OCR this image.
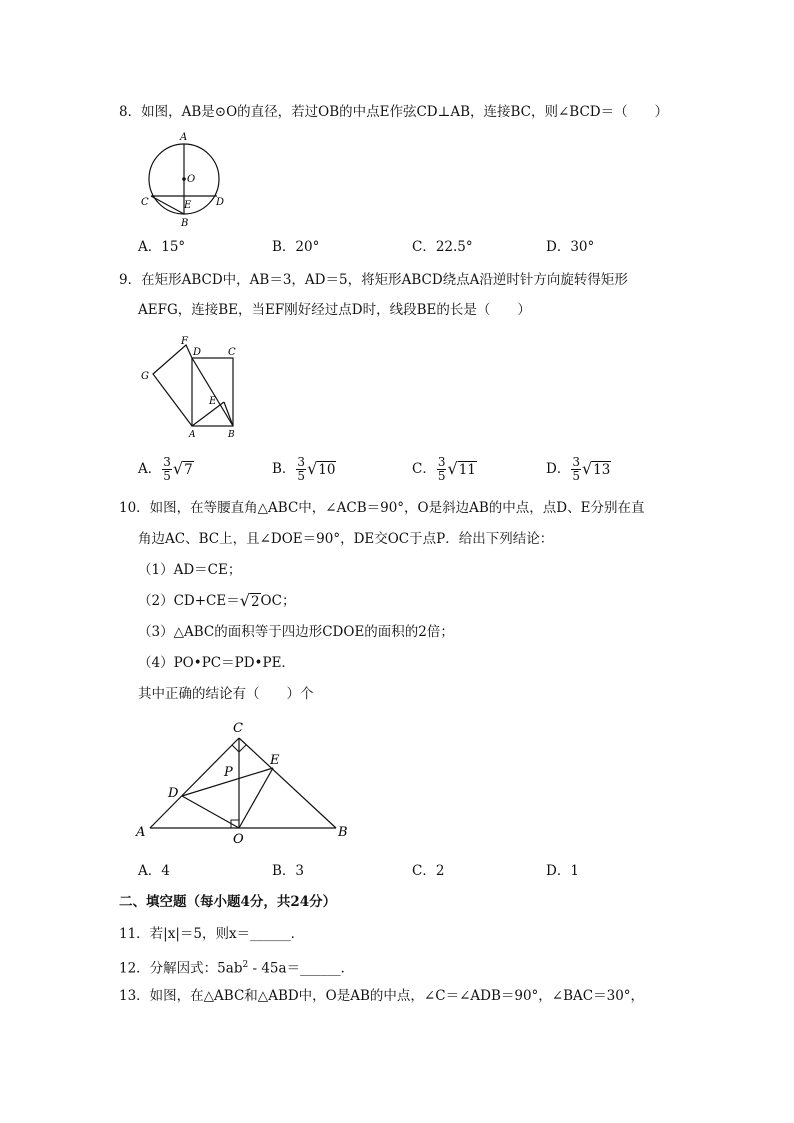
8．如图，AB是⊙O的直径，若过OB的中点E作弦CD⊥AB，连接BC，则∠BCD＝（　　）
A
O
C	E D
B
A．15°	B．20°	C．22.5°	D．30°
9．在矩形ABCD中，AB＝3，AD＝5，将矩形ABCD绕点A沿逆时针方向旋转得矩形
AEFG，连接BE，当EF刚好经过点D时，线段BE的长是（　　）
F
D	C
G
E
A	B
A． $\frac{3}{5} √7$	B． $\frac{3}{5} √10$	C． $\frac{3}{5} √11$	D． $\frac{3}{5} √13$
10．如图，在等腰直角△ABC中，∠ACB＝90°，O是斜边AB的中点，点D、E分别在直
角边AC、BC上，且∠DOE＝90°，DE交OC于点P．给出下列结论：
（1）AD＝CE；
（2）CD+CE＝√2OC；
（3）△ABC的面积等于四边形CDOE的面积的2倍；
（4）PO•PC＝PD•PE．
其中正确的结论有（　　）个
C
P
E
D
A	O	B
A．4	B．3	C．2	D．1
二、填空题（每小题4分，共24分）
11．若|x|＝5，则x＝______．
12．分解因式：$5ab^2$ - 45a＝______．
13．如图，在△ABC和△ABD中，O是AB的中点，∠C＝∠ADB＝90°，∠BAC＝30°，
